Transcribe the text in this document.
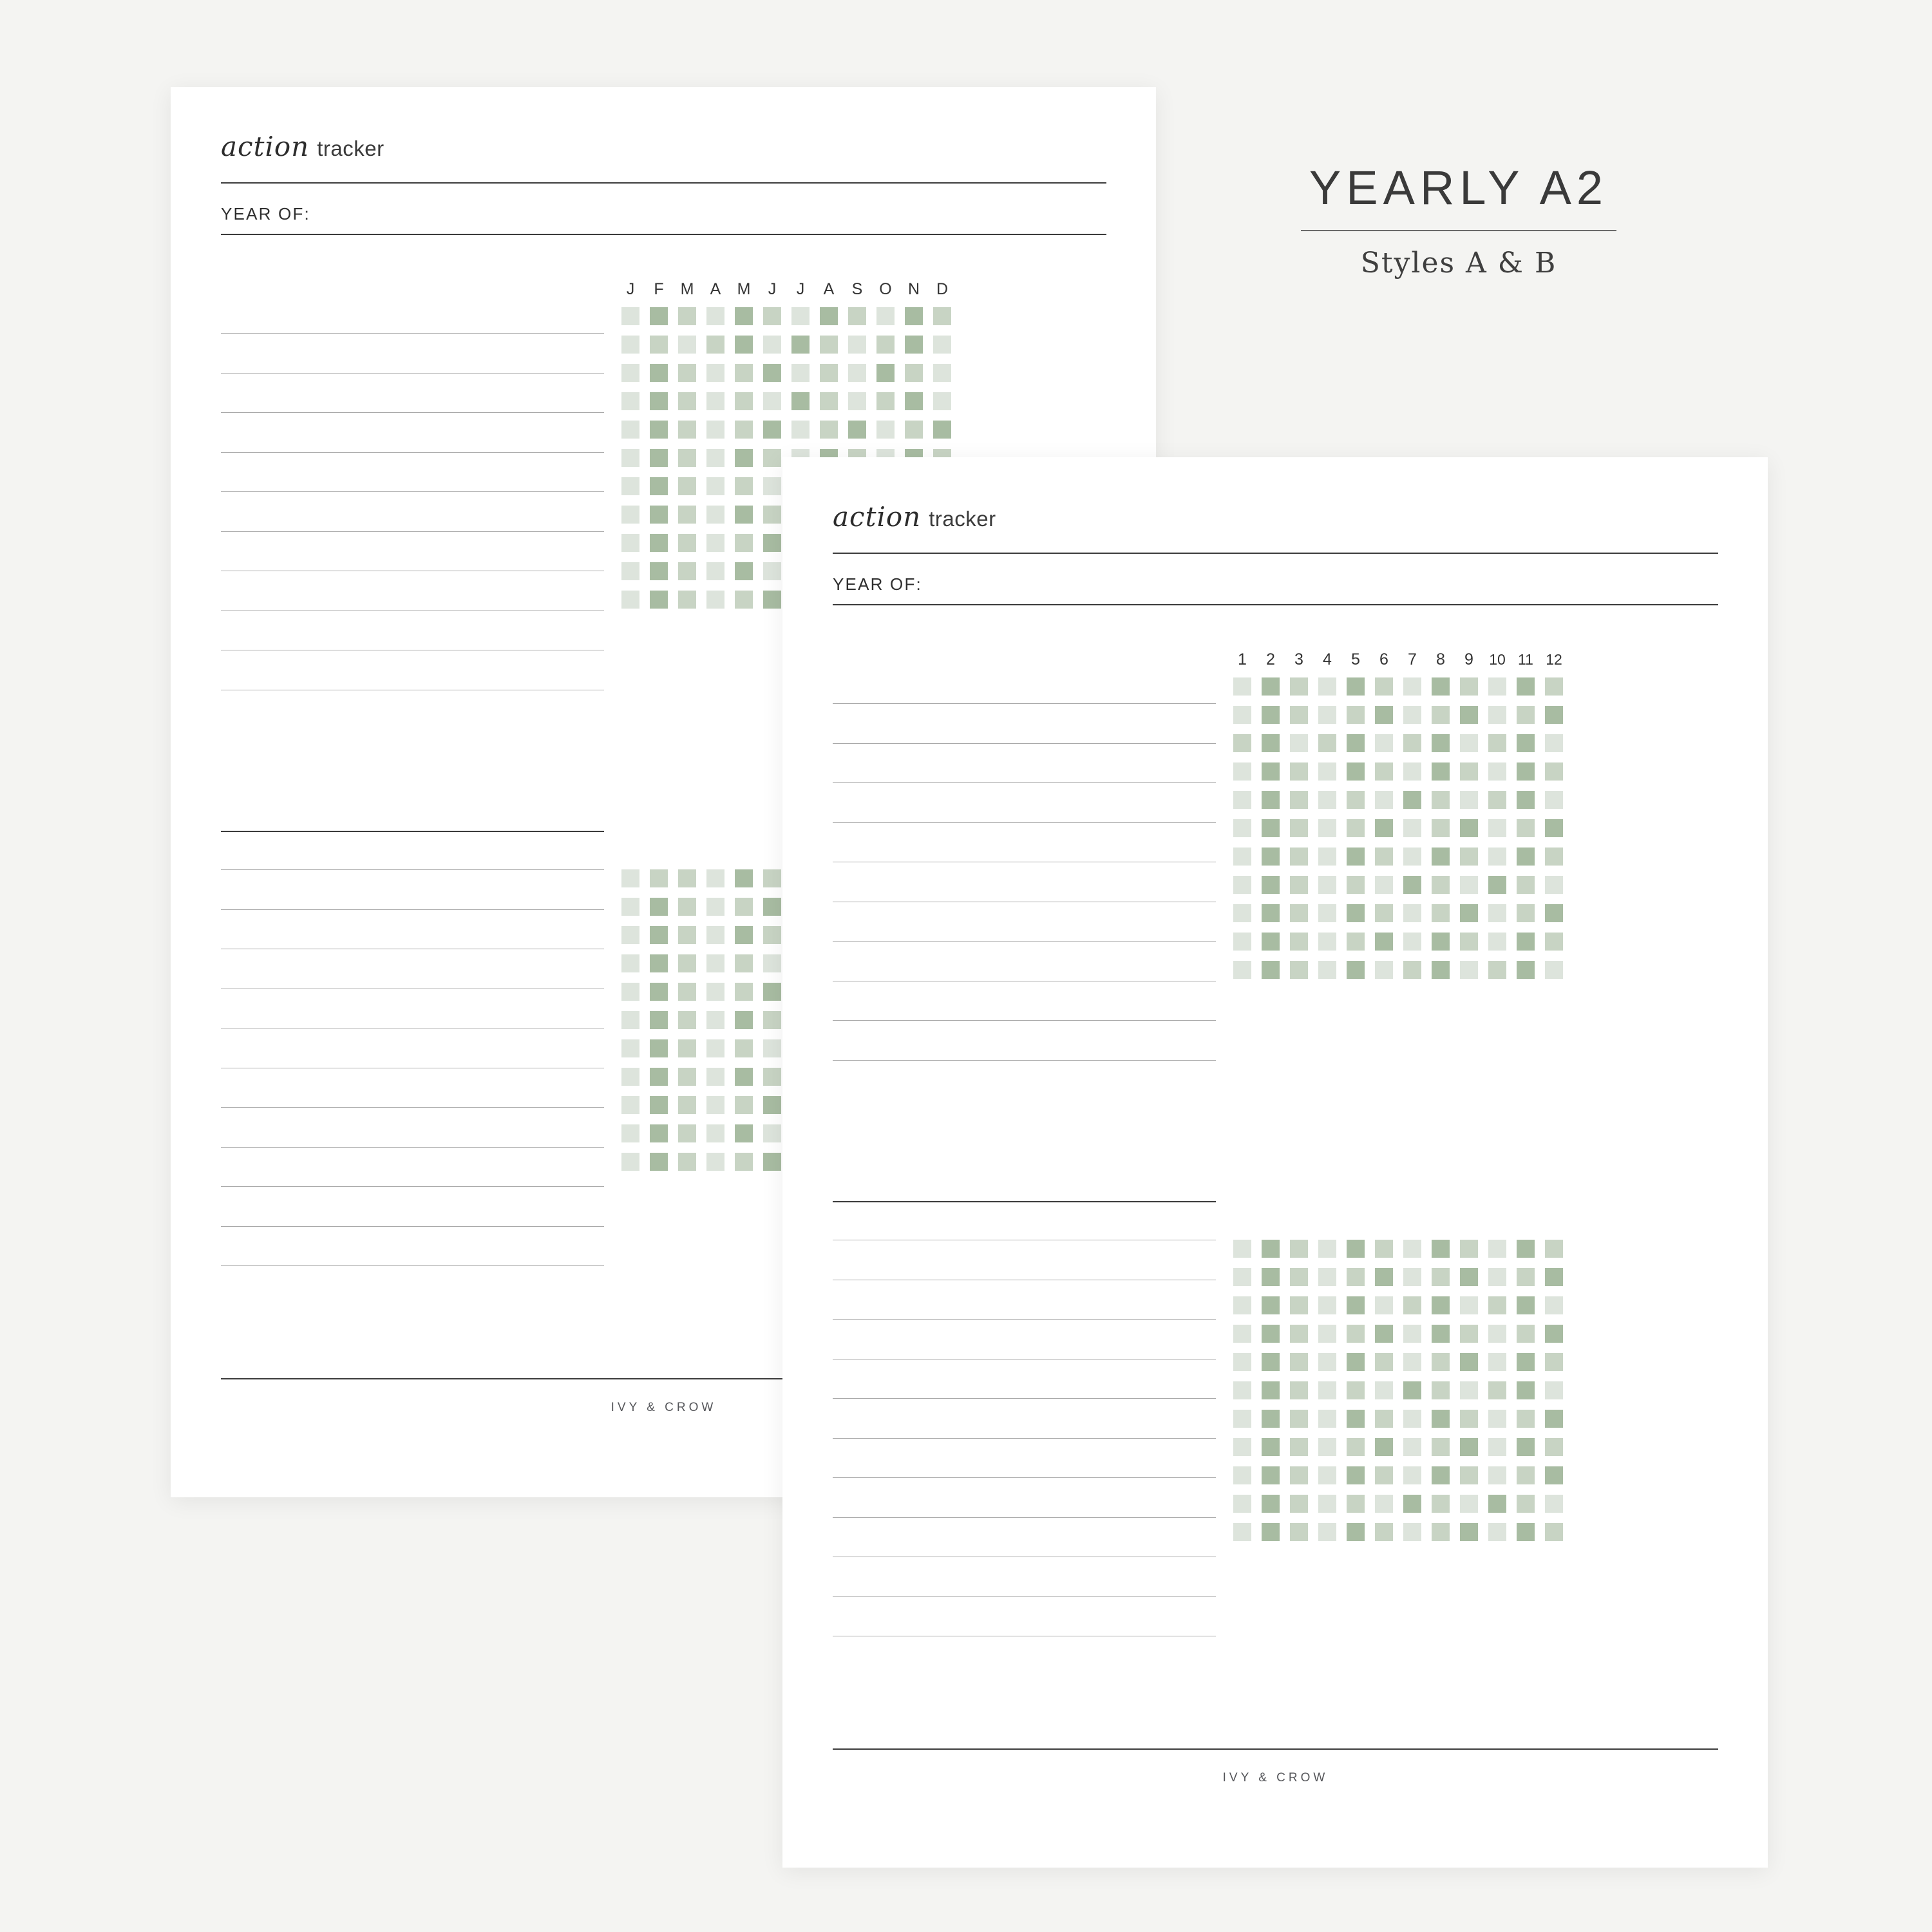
action tracker
YEAR OF:
J	F M A M	J	J	A S O N D
IVY & CROW
action tracker
YEAR OF:
1 2 3 4 5 6 7 8 9	10 11 12
IVY & CROW
YEARLY A2
Styles A & B
